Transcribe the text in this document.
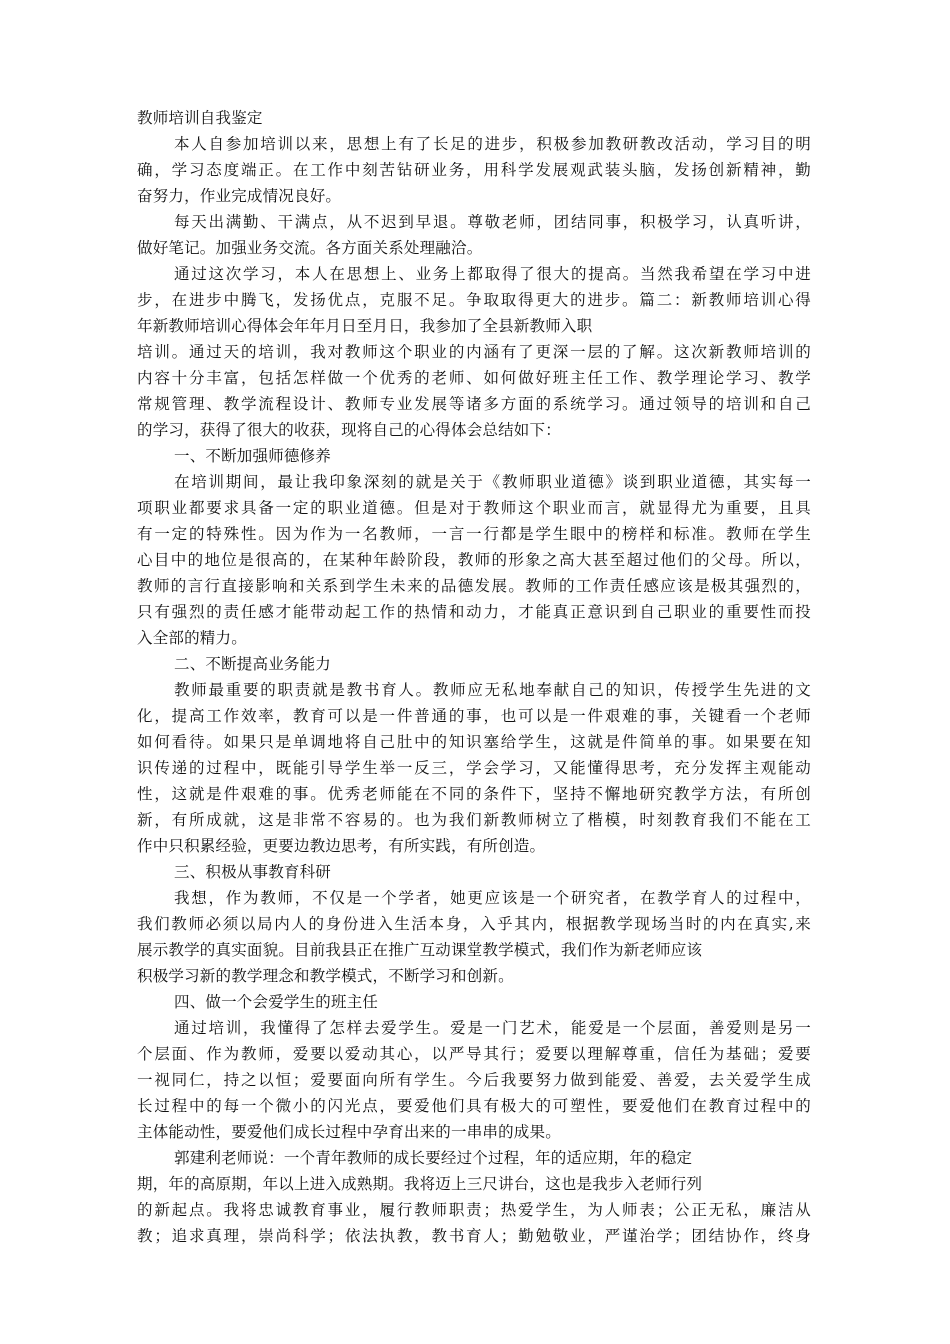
教师培训自我鉴定
本人自参加培训以来，思想上有了长足的进步，积极参加教研教改活动，学习目的明
确，学习态度端正。在工作中刻苦钻研业务，用科学发展观武装头脑，发扬创新精神，勤
奋努力，作业完成情况良好。
每天出满勤、干满点，从不迟到早退。尊敬老师，团结同事，积极学习，认真听讲，
做好笔记。加强业务交流。各方面关系处理融洽。
通过这次学习，本人在思想上、业务上都取得了很大的提高。当然我希望在学习中进
步，在进步中腾飞，发扬优点，克服不足。争取取得更大的进步。篇二：新教师培训心得
年新教师培训心得体会年年月日至月日，我参加了全县新教师入职
培训。通过天的培训，我对教师这个职业的内涵有了更深一层的了解。这次新教师培训的
内容十分丰富，包括怎样做一个优秀的老师、如何做好班主任工作、教学理论学习、教学
常规管理、教学流程设计、教师专业发展等诸多方面的系统学习。通过领导的培训和自己
的学习，获得了很大的收获，现将自己的心得体会总结如下：
一、不断加强师德修养
在培训期间，最让我印象深刻的就是关于《教师职业道德》谈到职业道德，其实每一
项职业都要求具备一定的职业道德。但是对于教师这个职业而言，就显得尤为重要，且具
有一定的特殊性。因为作为一名教师，一言一行都是学生眼中的榜样和标准。教师在学生
心目中的地位是很高的，在某种年龄阶段，教师的形象之高大甚至超过他们的父母。所以，
教师的言行直接影响和关系到学生未来的品德发展。教师的工作责任感应该是极其强烈的，
只有强烈的责任感才能带动起工作的热情和动力，才能真正意识到自己职业的重要性而投
入全部的精力。
二、不断提高业务能力
教师最重要的职责就是教书育人。教师应无私地奉献自己的知识，传授学生先进的文
化，提高工作效率，教育可以是一件普通的事，也可以是一件艰难的事，关键看一个老师
如何看待。如果只是单调地将自己肚中的知识塞给学生，这就是件简单的事。如果要在知
识传递的过程中，既能引导学生举一反三，学会学习，又能懂得思考，充分发挥主观能动
性，这就是件艰难的事。优秀老师能在不同的条件下，坚持不懈地研究教学方法，有所创
新，有所成就，这是非常不容易的。也为我们新教师树立了楷模，时刻教育我们不能在工
作中只积累经验，更要边教边思考，有所实践，有所创造。
三、积极从事教育科研
我想，作为教师，不仅是一个学者，她更应该是一个研究者，在教学育人的过程中，
我们教师必须以局内人的身份进入生活本身，入乎其内，根据教学现场当时的内在真实,来
展示教学的真实面貌。目前我县正在推广互动课堂教学模式，我们作为新老师应该
积极学习新的教学理念和教学模式，不断学习和创新。
四、做一个会爱学生的班主任
通过培训，我懂得了怎样去爱学生。爱是一门艺术，能爱是一个层面，善爱则是另一
个层面、作为教师，爱要以爱动其心，以严导其行；爱要以理解尊重，信任为基础；爱要
一视同仁，持之以恒；爱要面向所有学生。今后我要努力做到能爱、善爱，去关爱学生成
长过程中的每一个微小的闪光点，要爱他们具有极大的可塑性，要爱他们在教育过程中的
主体能动性，要爱他们成长过程中孕育出来的一串串的成果。
郭建利老师说：一个青年教师的成长要经过个过程，年的适应期，年的稳定
期，年的高原期，年以上进入成熟期。我将迈上三尺讲台，这也是我步入老师行列
的新起点。我将忠诚教育事业，履行教师职责；热爱学生，为人师表；公正无私，廉洁从
教；追求真理，崇尚科学；依法执教，教书育人；勤勉敬业，严谨治学；团结协作，终身
